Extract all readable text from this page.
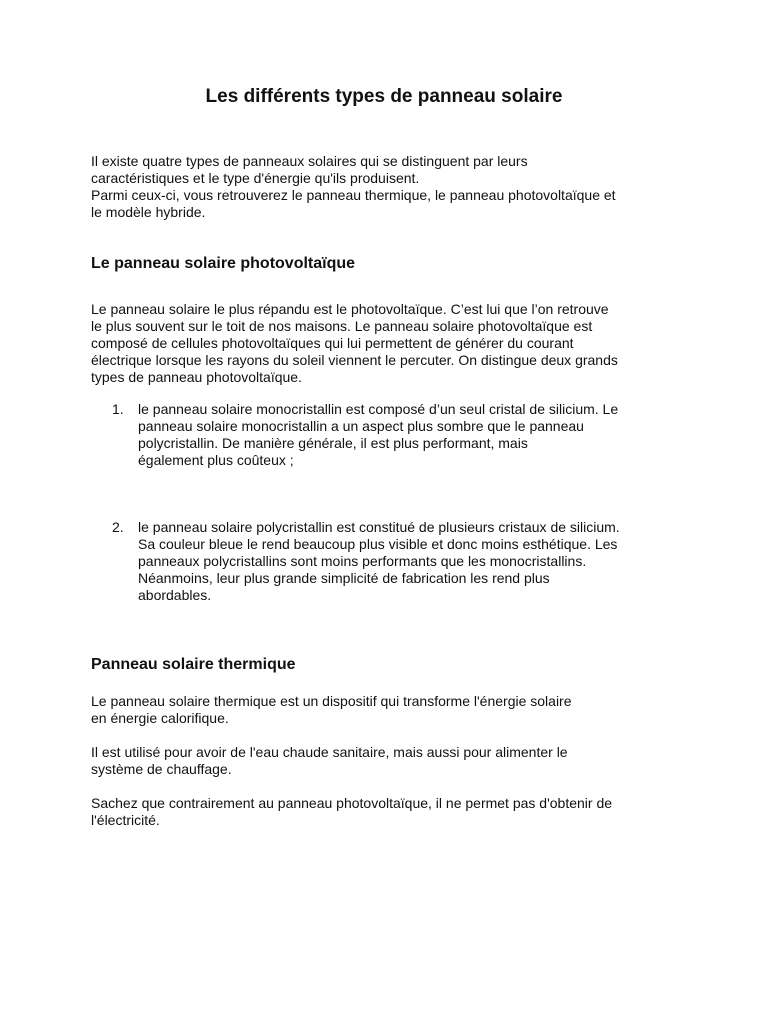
Les différents types de panneau solaire

Il existe quatre types de panneaux solaires qui se distinguent par leurs
caractéristiques et le type d'énergie qu'ils produisent.
Parmi ceux-ci, vous retrouverez le panneau thermique, le panneau photovoltaïque et
le modèle hybride.

Le panneau solaire photovoltaïque

Le panneau solaire le plus répandu est le photovoltaïque. C’est lui que l’on retrouve
le plus souvent sur le toit de nos maisons. Le panneau solaire photovoltaïque est
composé de cellules photovoltaïques qui lui permettent de générer du courant
électrique lorsque les rayons du soleil viennent le percuter. On distingue deux grands
types de panneau photovoltaïque.

1.	le panneau solaire monocristallin est composé d’un seul cristal de silicium. Le
panneau solaire monocristallin a un aspect plus sombre que le panneau
polycristallin. De manière générale, il est plus performant, mais
également plus coûteux ;
2.	le panneau solaire polycristallin est constitué de plusieurs cristaux de silicium.
Sa couleur bleue le rend beaucoup plus visible et donc moins esthétique. Les
panneaux polycristallins sont moins performants que les monocristallins.
Néanmoins, leur plus grande simplicité de fabrication les rend plus
abordables.
Panneau solaire thermique

Le panneau solaire thermique est un dispositif qui transforme l'énergie solaire
en énergie calorifique.

Il est utilisé pour avoir de l'eau chaude sanitaire, mais aussi pour alimenter le
système de chauffage.

Sachez que contrairement au panneau photovoltaïque, il ne permet pas d'obtenir de
l'électricité.
